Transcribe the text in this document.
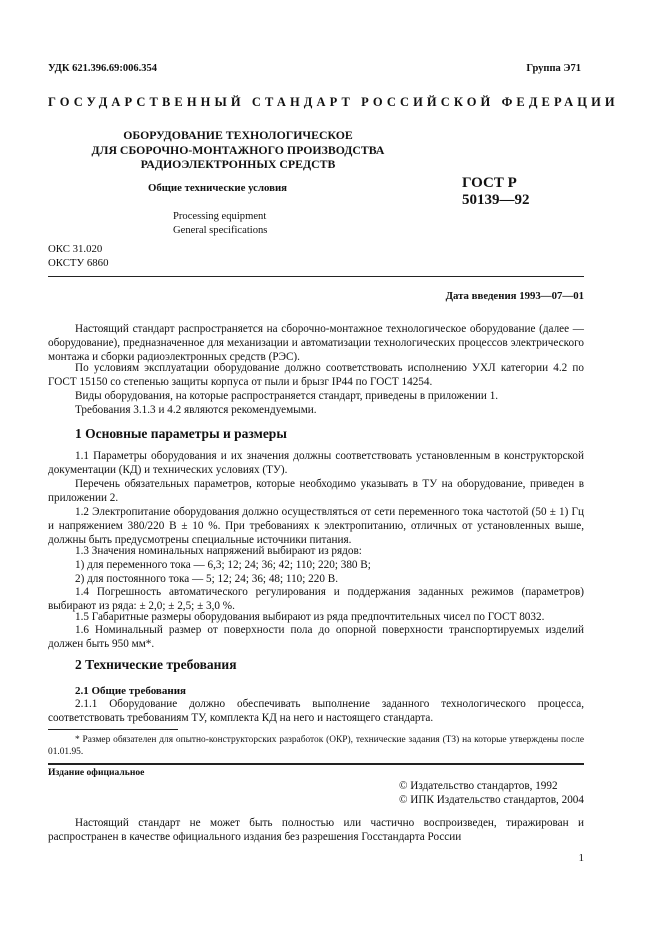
УДК 621.396.69:006.354	Группа Э71
ГОСУДАРСТВЕННЫЙ СТАНДАРТ РОССИЙСКОЙ ФЕДЕРАЦИИ
ОБОРУДОВАНИЕ ТЕХНОЛОГИЧЕСКОЕ
ДЛЯ СБОРОЧНО-МОНТАЖНОГО ПРОИЗВОДСТВА
РАДИОЭЛЕКТРОННЫХ СРЕДСТВ
Общие технические условия
Processing equipment
General specifications
ГОСТ Р
50139—92
ОКС 31.020
ОКСТУ 6860
Дата введения 1993—07—01

Настоящий стандарт распространяется на сборочно-монтажное технологическое оборудование (далее — оборудование), предназначенное для механизации и автоматизации технологических процессов электрического монтажа и сборки радиоэлектронных средств (РЭС).

По условиям эксплуатации оборудование должно соответствовать исполнению УХЛ категории 4.2 по ГОСТ 15150 со степенью защиты корпуса от пыли и брызг IP44 по ГОСТ 14254.

Виды оборудования, на которые распространяется стандарт, приведены в приложении 1.

Требования 3.1.3 и 4.2 являются рекомендуемыми.

1 Основные параметры и размеры

1.1 Параметры оборудования и их значения должны соответствовать установленным в конструкторской документации (КД) и технических условиях (ТУ).

Перечень обязательных параметров, которые необходимо указывать в ТУ на оборудование, приведен в приложении 2.

1.2 Электропитание оборудования должно осуществляться от сети переменного тока частотой (50 ± 1) Гц и напряжением 380/220 В ± 10 %. При требованиях к электропитанию, отличных от установленных выше, должны быть предусмотрены специальные источники питания.

1.3 Значения номинальных напряжений выбирают из рядов:

1) для переменного тока — 6,3; 12; 24; 36; 42; 110; 220; 380 В;

2) для постоянного тока — 5; 12; 24; 36; 48; 110; 220 В.

1.4 Погрешность автоматического регулирования и поддержания заданных режимов (параметров) выбирают из ряда: ± 2,0; ± 2,5; ± 3,0 %.

1.5 Габаритные размеры оборудования выбирают из ряда предпочтительных чисел по ГОСТ 8032.

1.6 Номинальный размер от поверхности пола до опорной поверхности транспортируемых изделий должен быть 950 мм*.

2 Технические требования
2.1 Общие требования

2.1.1 Оборудование должно обеспечивать выполнение заданного технологического процесса, соответствовать требованиям ТУ, комплекта КД на него и настоящего стандарта.

* Размер обязателен для опытно-конструкторских разработок (ОКР), технические задания (ТЗ) на которые утверждены после 01.01.95.

Издание официальное
© Издательство стандартов, 1992
© ИПК Издательство стандартов, 2004

Настоящий стандарт не может быть полностью или частично воспроизведен, тиражирован и распространен в качестве официального издания без разрешения Госстандарта России

1
